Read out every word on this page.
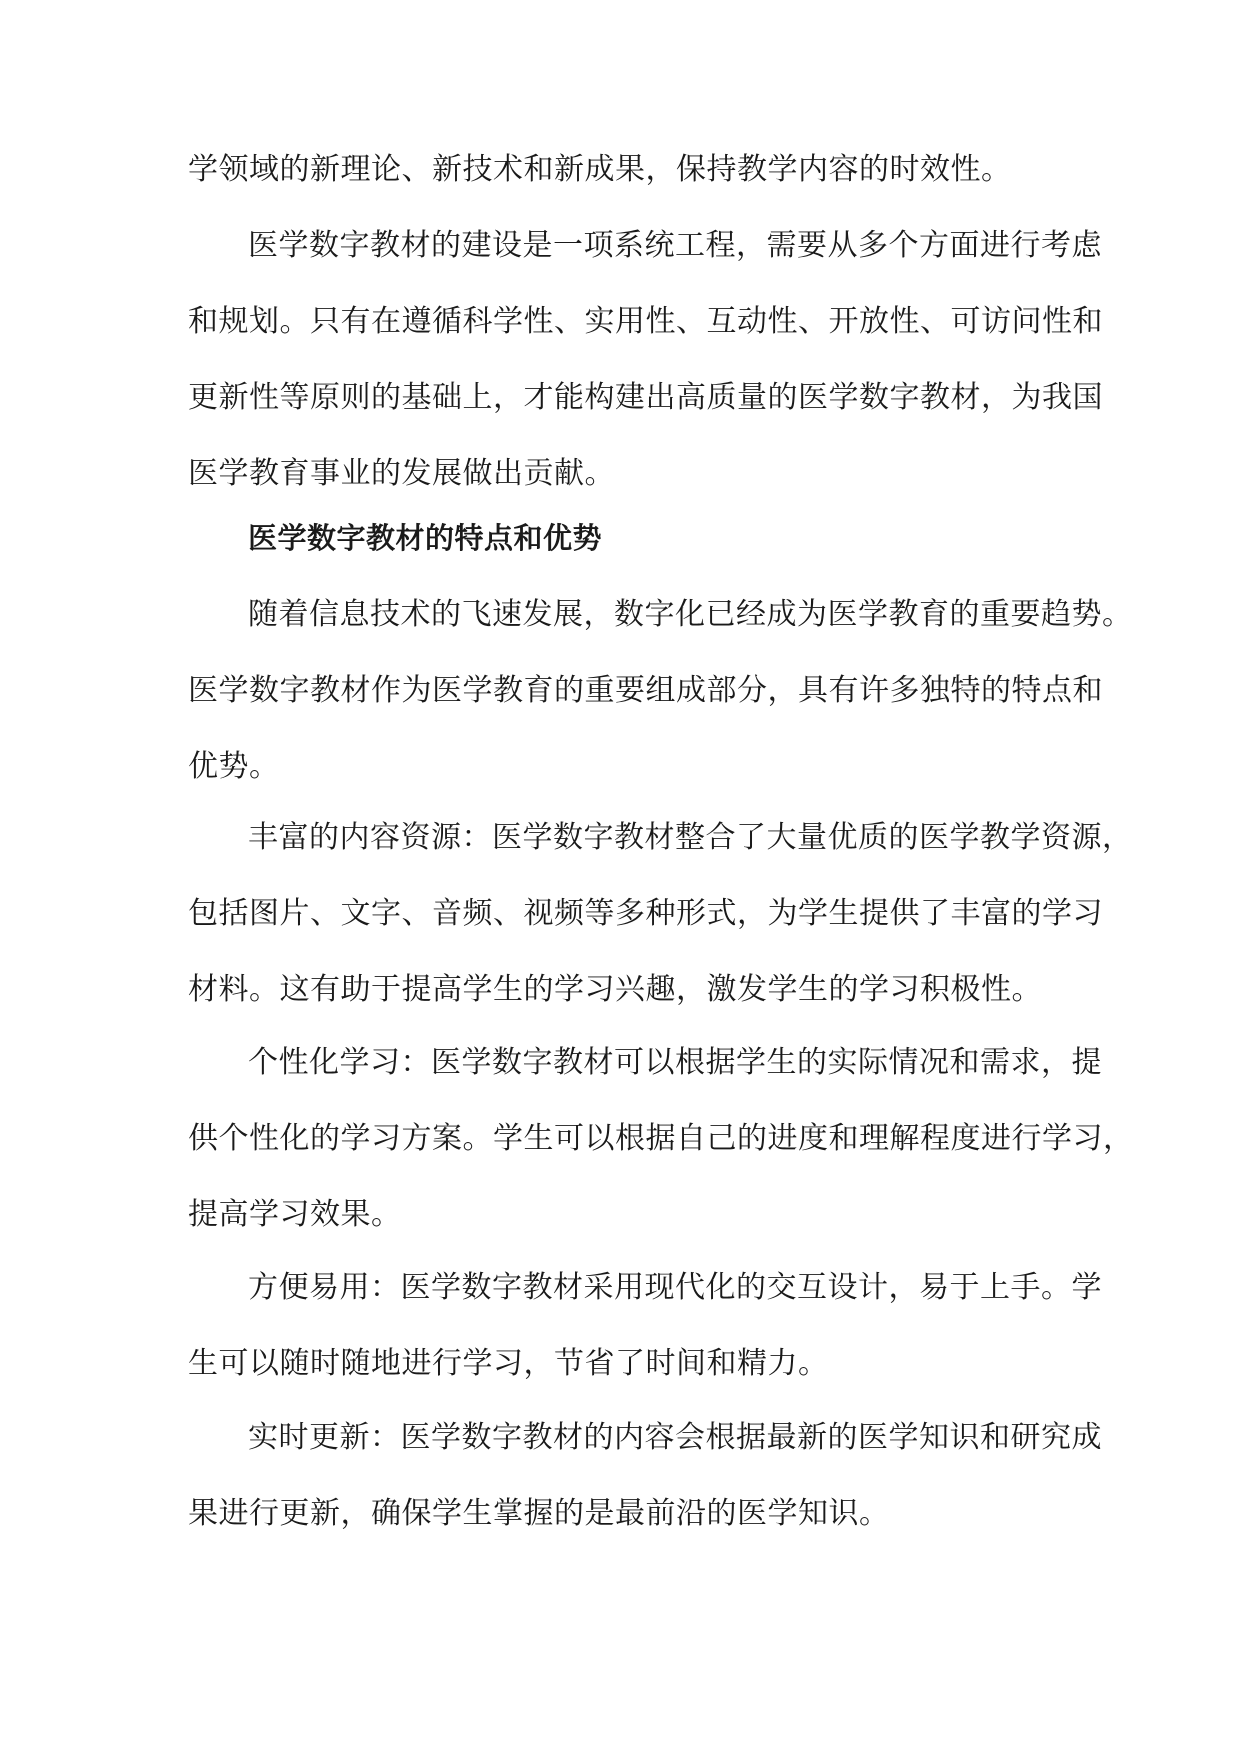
学领域的新理论、新技术和新成果，保持教学内容的时效性。
医学数字教材的建设是一项系统工程，需要从多个方面进行考虑
和规划。只有在遵循科学性、实用性、互动性、开放性、可访问性和
更新性等原则的基础上，才能构建出高质量的医学数字教材，为我国
医学教育事业的发展做出贡献。
医学数字教材的特点和优势
随着信息技术的飞速发展，数字化已经成为医学教育的重要趋势。
医学数字教材作为医学教育的重要组成部分，具有许多独特的特点和
优势。
丰富的内容资源：医学数字教材整合了大量优质的医学教学资源，
包括图片、文字、音频、视频等多种形式，为学生提供了丰富的学习
材料。这有助于提高学生的学习兴趣，激发学生的学习积极性。
个性化学习：医学数字教材可以根据学生的实际情况和需求，提
供个性化的学习方案。学生可以根据自己的进度和理解程度进行学习，
提高学习效果。
方便易用：医学数字教材采用现代化的交互设计，易于上手。学
生可以随时随地进行学习，节省了时间和精力。
实时更新：医学数字教材的内容会根据最新的医学知识和研究成
果进行更新，确保学生掌握的是最前沿的医学知识。
